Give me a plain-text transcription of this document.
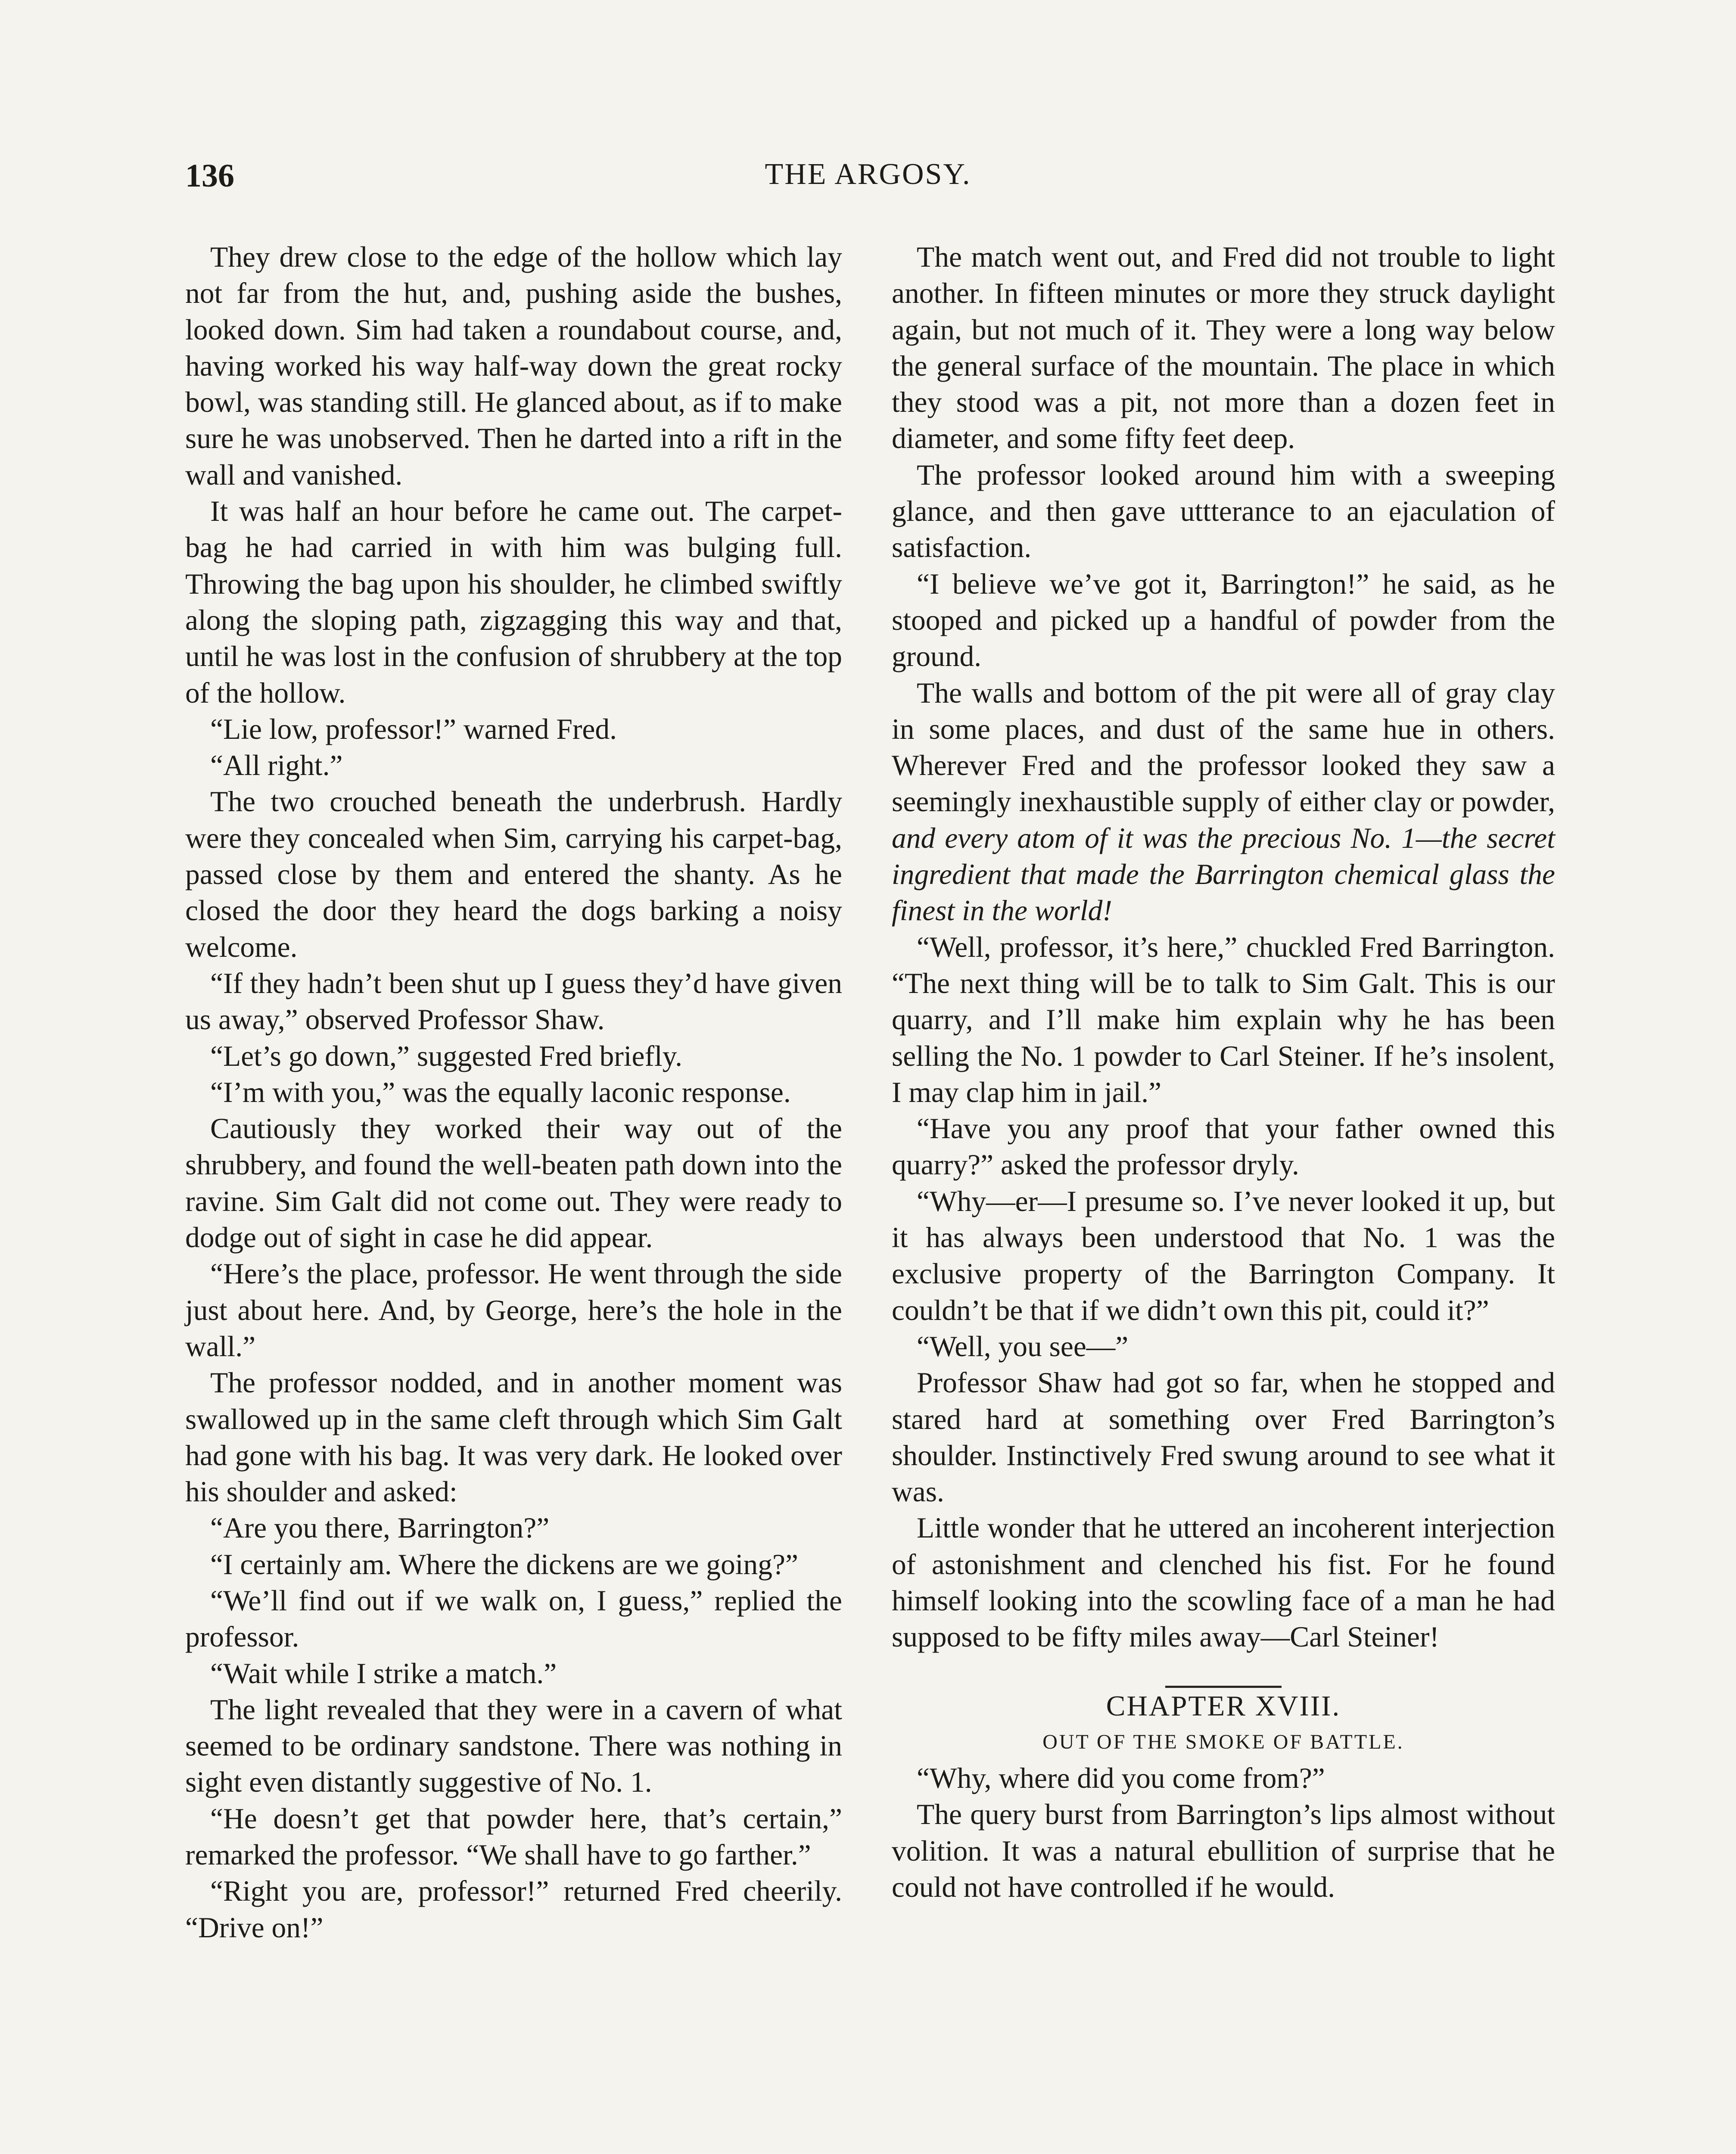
136	THE ARGOSY.

They drew close to the edge of the hollow which lay not far from the hut, and, pushing aside the bushes, looked down. Sim had taken a roundabout course, and, having worked his way half-way down the great rocky bowl, was standing still. He glanced about, as if to make sure he was unobserved. Then he darted into a rift in the wall and vanished.

It was half an hour before he came out. The carpet-bag he had carried in with him was bulging full. Throwing the bag upon his shoulder, he climbed swiftly along the sloping path, zigzagging this way and that, until he was lost in the confusion of shrubbery at the top of the hollow.

“Lie low, professor!” warned Fred.

“All right.”

The two crouched beneath the underbrush. Hardly were they concealed when Sim, carrying his carpet-bag, passed close by them and entered the shanty. As he closed the door they heard the dogs barking a noisy welcome.

“If they hadn’t been shut up I guess they’d have given us away,” observed Professor Shaw.

“Let’s go down,” suggested Fred briefly.

“I’m with you,” was the equally laconic response.

Cautiously they worked their way out of the shrubbery, and found the well-beaten path down into the ravine. Sim Galt did not come out. They were ready to dodge out of sight in case he did appear.

“Here’s the place, professor. He went through the side just about here. And, by George, here’s the hole in the wall.”

The professor nodded, and in another moment was swallowed up in the same cleft through which Sim Galt had gone with his bag. It was very dark. He looked over his shoulder and asked:

“Are you there, Barrington?”

“I certainly am. Where the dickens are we going?”

“We’ll find out if we walk on, I guess,” replied the professor.

“Wait while I strike a match.”

The light revealed that they were in a cavern of what seemed to be ordinary sandstone. There was nothing in sight even distantly suggestive of No. 1.

“He doesn’t get that powder here, that’s certain,” remarked the professor. “We shall have to go farther.”

“Right you are, professor!” returned Fred cheerily. “Drive on!”

The match went out, and Fred did not trouble to light another. In fifteen minutes or more they struck daylight again, but not much of it. They were a long way below the general surface of the mountain. The place in which they stood was a pit, not more than a dozen feet in diameter, and some fifty feet deep.

The professor looked around him with a sweeping glance, and then gave uttterance to an ejaculation of satisfaction.

“I believe we’ve got it, Barrington!” he said, as he stooped and picked up a handful of powder from the ground.

The walls and bottom of the pit were all of gray clay in some places, and dust of the same hue in others. Wherever Fred and the professor looked they saw a seemingly inexhaustible supply of either clay or powder, and every atom of it was the precious No. 1—the secret ingredient that made the Barrington chemical glass the finest in the world!

“Well, professor, it’s here,” chuckled Fred Barrington. “The next thing will be to talk to Sim Galt. This is our quarry, and I’ll make him explain why he has been selling the No. 1 powder to Carl Steiner. If he’s insolent, I may clap him in jail.”

“Have you any proof that your father owned this quarry?” asked the professor dryly.

“Why—er—I presume so. I’ve never looked it up, but it has always been understood that No. 1 was the exclusive property of the Barrington Company. It couldn’t be that if we didn’t own this pit, could it?”

“Well, you see—”

Professor Shaw had got so far, when he stopped and stared hard at something over Fred Barrington’s shoulder. Instinctively Fred swung around to see what it was.

Little wonder that he uttered an incoherent interjection of astonishment and clenched his fist. For he found himself looking into the scowling face of a man he had supposed to be fifty miles away—Carl Steiner!

CHAPTER XVIII.

OUT OF THE SMOKE OF BATTLE.

“Why, where did you come from?”

The query burst from Barrington’s lips almost without volition. It was a natural ebullition of surprise that he could not have controlled if he would.
